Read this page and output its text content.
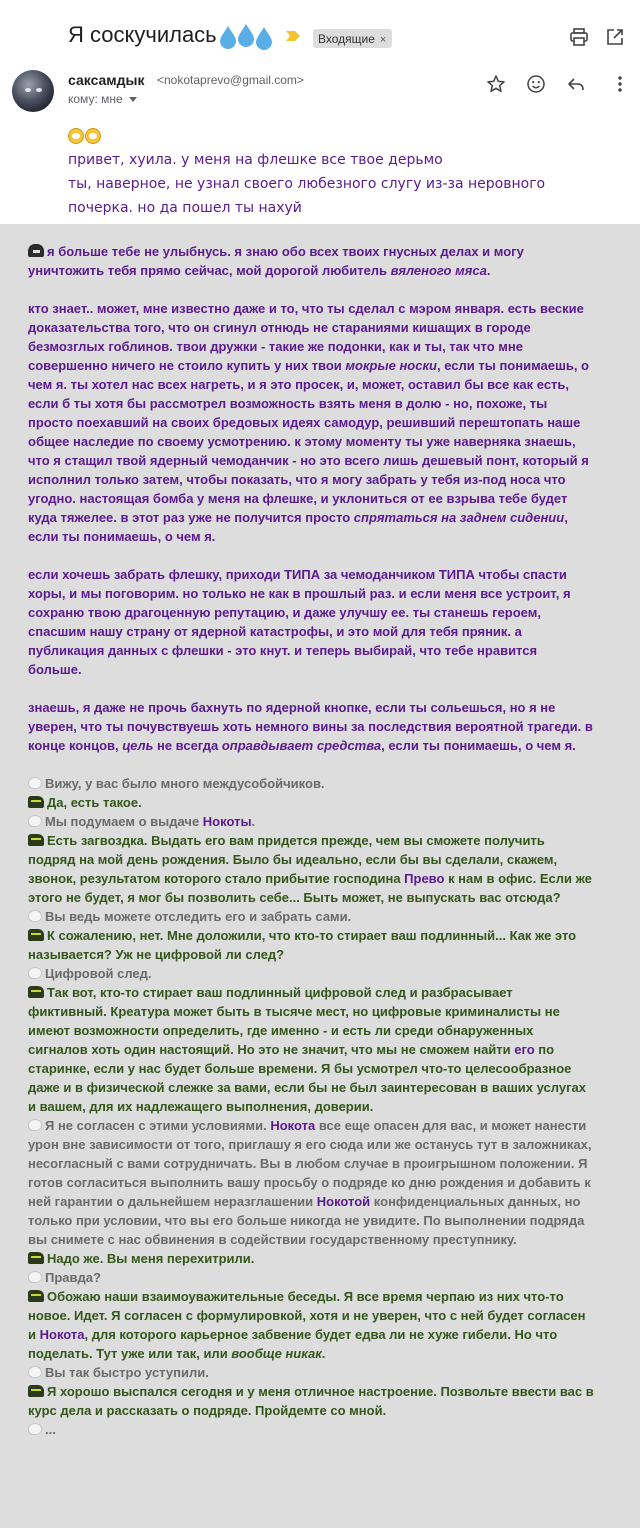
Я соскучилась	Входящие ×
саксамдык <nokotaprevo@gmail.com>
кому: мне
привет, хуила. у меня на флешке все твое дерьмо
ты, наверное, не узнал своего любезного слугу из-за неровного
почерка. но да пошел ты нахуй

я больше тебе не улыбнусь. я знаю обо всех твоих гнусных делах и могу уничтожить тебя прямо сейчас, мой дорогой любитель вяленого мяса.

кто знает.. может, мне известно даже и то, что ты сделал с мэром января. есть веские доказательства того, что он сгинул отнюдь не стараниями кишащих в городе безмозглых гоблинов. твои дружки - такие же подонки, как и ты, так что мне совершенно ничего не стоило купить у них твои мокрые носки, если ты понимаешь, о чем я. ты хотел нас всех нагреть, и я это просек, и, может, оставил бы все как есть, если б ты хотя бы рассмотрел возможность взять меня в долю - но, похоже, ты просто поехавший на своих бредовых идеях самодур, решивший перештопать наше общее наследие по своему усмотрению. к этому моменту ты уже наверняка знаешь, что я стащил твой ядерный чемоданчик - но это всего лишь дешевый понт, который я исполнил только затем, чтобы показать, что я могу забрать у тебя из-под носа что угодно. настоящая бомба у меня на флешке, и уклониться от ее взрыва тебе будет куда тяжелее. в этот раз уже не получится просто спрятаться на заднем сидении, если ты понимаешь, о чем я.

если хочешь забрать флешку, приходи ТИПА за чемоданчиком ТИПА чтобы спасти хоры, и мы поговорим. но только не как в прошлый раз. и если меня все устроит, я сохраню твою драгоценную репутацию, и даже улучшу ее. ты станешь героем, спасшим нашу страну от ядерной катастрофы, и это мой для тебя пряник. а публикация данных с флешки - это кнут. и теперь выбирай, что тебе нравится больше.

знаешь, я даже не прочь бахнуть по ядерной кнопке, если ты сольешься, но я не уверен, что ты почувствуешь хоть немного вины за последствия вероятной трагеди. в конце концов, цель не всегда оправдывает средства, если ты понимаешь, о чем я.

Вижу, у вас было много междусобойчиков.
Да, есть такое.
Мы подумаем о выдаче Нокоты.
Есть загвоздка. Выдать его вам придется прежде, чем вы сможете получить подряд на мой день рождения. Было бы идеально, если бы вы сделали, скажем, звонок, результатом которого стало прибытие господина Прево к нам в офис. Если же этого не будет, я мог бы позволить себе... Быть может, не выпускать вас отсюда?
Вы ведь можете отследить его и забрать сами.
К сожалению, нет. Мне доложили, что кто-то стирает ваш подлинный... Как же это называется? Уж не цифровой ли след?
Цифровой след.
Так вот, кто-то стирает ваш подлинный цифровой след и разбрасывает фиктивный. Креатура может быть в тысяче мест, но цифровые криминалисты не имеют возможности определить, где именно - и есть ли среди обнаруженных сигналов хоть один настоящий. Но это не значит, что мы не сможем найти его по старинке, если у нас будет больше времени. Я бы усмотрел что-то целесообразное даже и в физической слежке за вами, если бы не был заинтересован в ваших услугах и вашем, для их надлежащего выполнения, доверии.
Я не согласен с этими условиями. Нокота все еще опасен для вас, и может нанести урон вне зависимости от того, приглашу я его сюда или же останусь тут в заложниках, несогласный с вами сотрудничать. Вы в любом случае в проигрышном положении. Я готов согласиться выполнить вашу просьбу о подряде ко дню рождения и добавить к ней гарантии о дальнейшем неразглашении Нокотой конфиденциальных данных, но только при условии, что вы его больше никогда не увидите. По выполнении подряда вы снимете с нас обвинения в содействии государственному преступнику.
Надо же. Вы меня перехитрили.
Правда?
Обожаю наши взаимоуважительные беседы. Я все время черпаю из них что-то новое. Идет. Я согласен с формулировкой, хотя и не уверен, что с ней будет согласен и Нокота, для которого карьерное забвение будет едва ли не хуже гибели. Но что поделать. Тут уже или так, или вообще никак.
Вы так быстро уступили.
Я хорошо выспался сегодня и у меня отличное настроение. Позвольте ввести вас в курс дела и рассказать о подряде. Пройдемте со мной.
...
